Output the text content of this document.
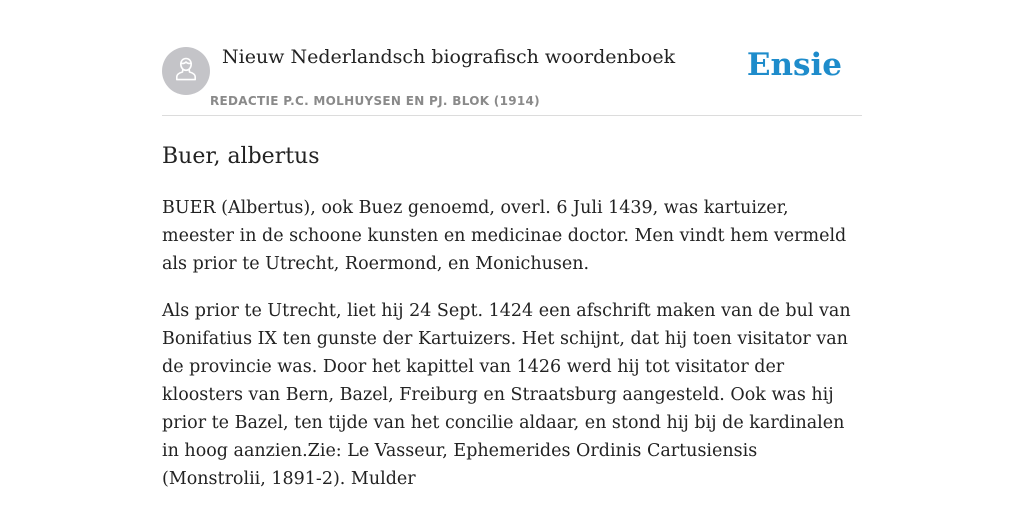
Nieuw Nederlandsch biografisch woordenboek
REDACTIE P.C. MOLHUYSEN EN PJ. BLOK (1914)
Ensie
Buer, albertus

BUER (Albertus), ook Buez genoemd, overl. 6 Juli 1439, was kartuizer, meester in de schoone kunsten en medicinae doctor. Men vindt hem vermeld als prior te Utrecht, Roermond, en Monichusen.

Als prior te Utrecht, liet hij 24 Sept. 1424 een afschrift maken van de bul van Bonifatius IX ten gunste der Kartuizers. Het schijnt, dat hij toen visitator van de provincie was. Door het kapittel van 1426 werd hij tot visitator der kloosters van Bern, Bazel, Freiburg en Straatsburg aangesteld. Ook was hij prior te Bazel, ten tijde van het concilie aldaar, en stond hij bij de kardinalen in hoog aanzien.Zie: Le Vasseur, Ephemerides Ordinis Cartusiensis (Monstrolii, 1891-2). Mulder
